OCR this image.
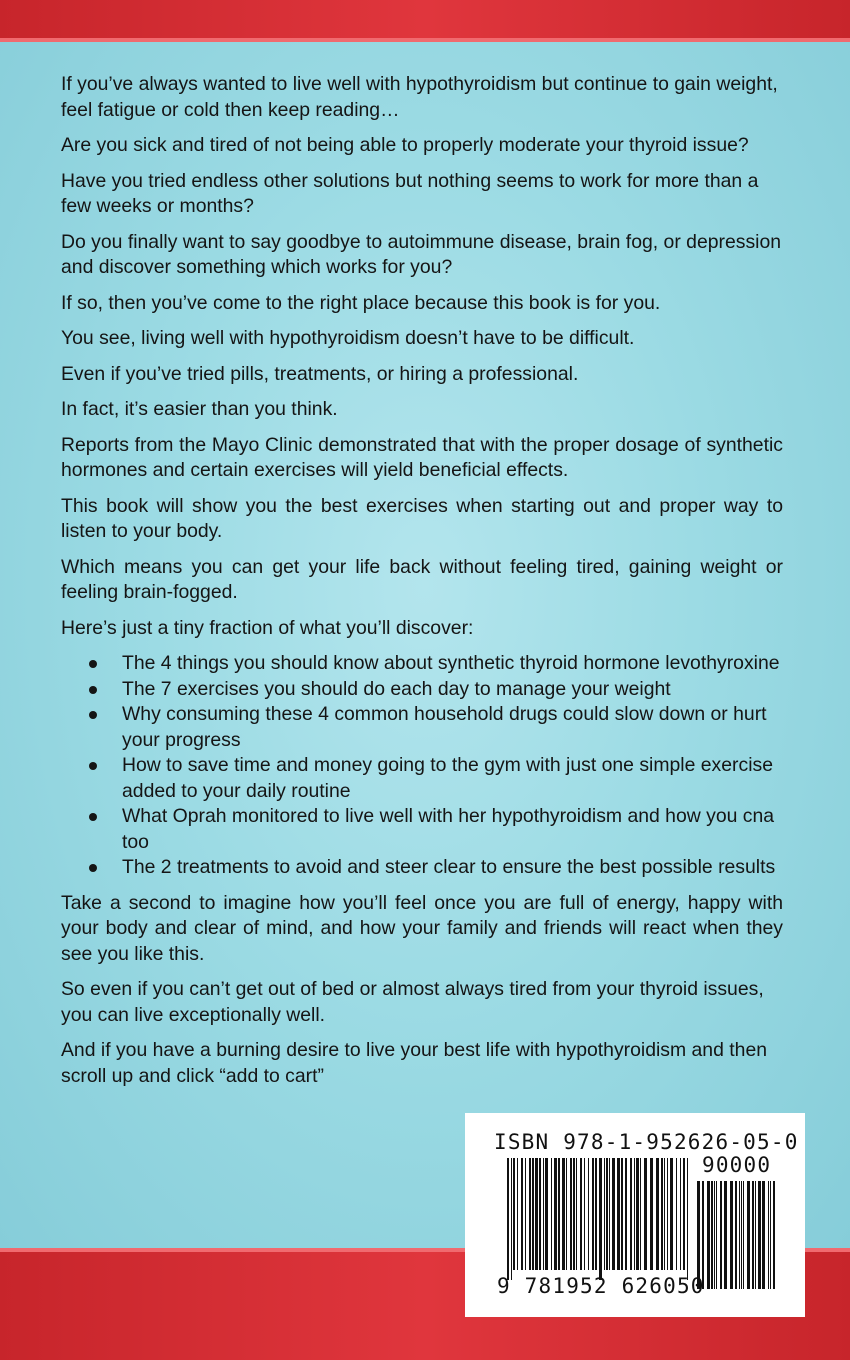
If you’ve always wanted to live well with hypothyroidism but continue to gain weight, feel fatigue or cold then keep reading…

Are you sick and tired of not being able to properly moderate your thyroid issue?

Have you tried endless other solutions but nothing seems to work for more than a few weeks or months?

Do you finally want to say goodbye to autoimmune disease, brain fog, or depression and discover something which works for you?

If so, then you’ve come to the right place because this book is for you.

You see, living well with hypothyroidism doesn’t have to be difficult.

Even if you’ve tried pills, treatments, or hiring a professional.

In fact, it’s easier than you think.

Reports from the Mayo Clinic demonstrated that with the proper dosage of synthetic hormones and certain exercises will yield beneficial effects.

This book will show you the best exercises when starting out and proper way to listen to your body.

Which means you can get your life back without feeling tired, gaining weight or feeling brain-fogged.

Here’s just a tiny fraction of what you’ll discover:

The 4 things you should know about synthetic thyroid hormone levothyroxine
The 7 exercises you should do each day to manage your weight
Why consuming these 4 common household drugs could slow down or hurt your progress
How to save time and money going to the gym with just one simple exercise added to your daily routine
What Oprah monitored to live well with her hypothyroidism and how you cna too
The 2 treatments to avoid and steer clear to ensure the best possible results

Take a second to imagine how you’ll feel once you are full of energy, happy with your body and clear of mind, and how your family and friends will react when they see you like this.

So even if you can’t get out of bed or almost always tired from your thyroid issues, you can live exceptionally well.

And if you have a burning desire to live your best life with hypothyroidism and then scroll up and click “add to cart”

ISBN 978-1-952626-05-0
90000
9 781952 626050
